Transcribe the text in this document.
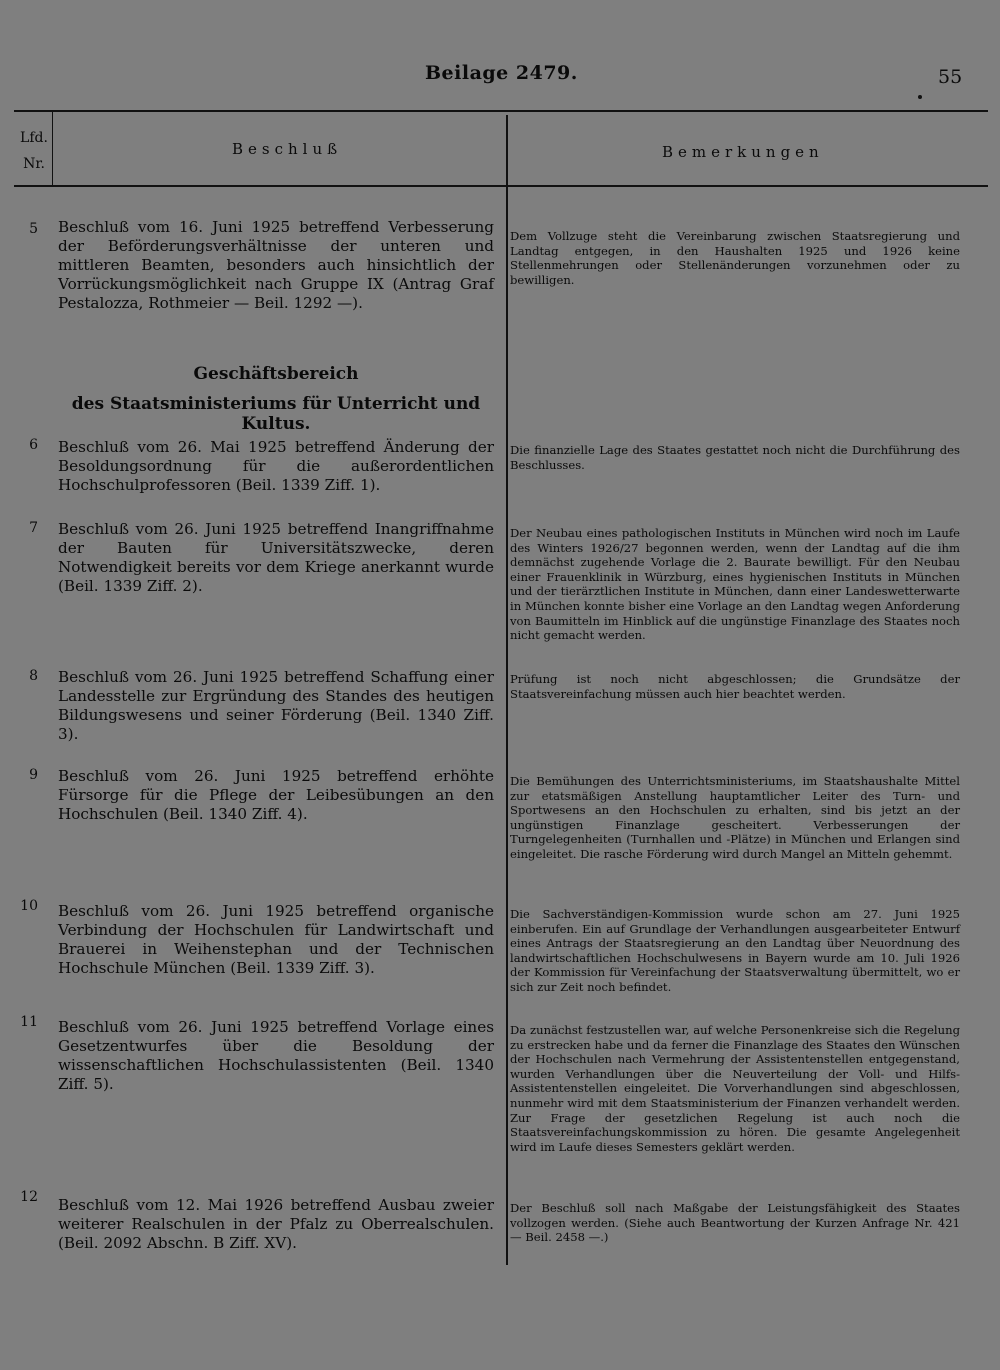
Beilage 2479.	55
Lfd.
Nr.
Beschluß	Bemerkungen
5 Beschluß vom 16. Juni 1925 betreffend Verbesserung der Beförderungsverhältnisse der unteren und mittleren Beamten, besonders auch hinsichtlich der Vorrückungsmöglichkeit nach Gruppe IX (Antrag Graf Pestalozza, Rothmeier — Beil. 1292 —).
Dem Vollzuge steht die Vereinbarung zwischen Staatsregierung und Landtag entgegen, in den Haushalten 1925 und 1926 keine Stellenmehrungen oder Stellenänderungen vorzunehmen oder zu bewilligen.
Geschäftsbereich
des Staatsministeriums für Unterricht und Kultus.
6 Beschluß vom 26. Mai 1925 betreffend Änderung der Besoldungsordnung für die außerordentlichen Hochschulprofessoren (Beil. 1339 Ziff. 1).
Die finanzielle Lage des Staates gestattet noch nicht die Durchführung des Beschlusses.
7 Beschluß vom 26. Juni 1925 betreffend Inangriffnahme der Bauten für Universitätszwecke, deren Notwendigkeit bereits vor dem Kriege anerkannt wurde (Beil. 1339 Ziff. 2).
Der Neubau eines pathologischen Instituts in München wird noch im Laufe des Winters 1926/27 begonnen werden, wenn der Landtag auf die ihm demnächst zugehende Vorlage die 2. Baurate bewilligt. Für den Neubau einer Frauenklinik in Würzburg, eines hygienischen Instituts in München und der tierärztlichen Institute in München, dann einer Landeswetterwarte in München konnte bisher eine Vorlage an den Landtag wegen Anforderung von Baumitteln im Hinblick auf die ungünstige Finanzlage des Staates noch nicht gemacht werden.
8 Beschluß vom 26. Juni 1925 betreffend Schaffung einer Landesstelle zur Ergründung des Standes des heutigen Bildungswesens und seiner Förderung (Beil. 1340 Ziff. 3).
Prüfung ist noch nicht abgeschlossen; die Grundsätze der Staatsvereinfachung müssen auch hier beachtet werden.
9 Beschluß vom 26. Juni 1925 betreffend erhöhte Fürsorge für die Pflege der Leibesübungen an den Hochschulen (Beil. 1340 Ziff. 4).
Die Bemühungen des Unterrichtsministeriums, im Staatshaushalte Mittel zur etatsmäßigen Anstellung hauptamtlicher Leiter des Turn- und Sportwesens an den Hochschulen zu erhalten, sind bis jetzt an der ungünstigen Finanzlage gescheitert. Verbesserungen der Turngelegenheiten (Turnhallen und -Plätze) in München und Erlangen sind eingeleitet. Die rasche Förderung wird durch Mangel an Mitteln gehemmt.
10 Beschluß vom 26. Juni 1925 betreffend organische Verbindung der Hochschulen für Landwirtschaft und Brauerei in Weihenstephan und der Technischen Hochschule München (Beil. 1339 Ziff. 3).
Die Sachverständigen-Kommission wurde schon am 27. Juni 1925 einberufen. Ein auf Grundlage der Verhandlungen ausgearbeiteter Entwurf eines Antrags der Staatsregierung an den Landtag über Neuordnung des landwirtschaftlichen Hochschulwesens in Bayern wurde am 10. Juli 1926 der Kommission für Vereinfachung der Staatsverwaltung übermittelt, wo er sich zur Zeit noch befindet.
11 Beschluß vom 26. Juni 1925 betreffend Vorlage eines Gesetzentwurfes über die Besoldung der wissenschaftlichen Hochschulassistenten (Beil. 1340 Ziff. 5).
Da zunächst festzustellen war, auf welche Personenkreise sich die Regelung zu erstrecken habe und da ferner die Finanzlage des Staates den Wünschen der Hochschulen nach Vermehrung der Assistentenstellen entgegenstand, wurden Verhandlungen über die Neuverteilung der Voll- und Hilfs-Assistentenstellen eingeleitet. Die Vorverhandlungen sind abgeschlossen, nunmehr wird mit dem Staatsministerium der Finanzen verhandelt werden. Zur Frage der gesetzlichen Regelung ist auch noch die Staatsvereinfachungskommission zu hören. Die gesamte Angelegenheit wird im Laufe dieses Semesters geklärt werden.
12 Beschluß vom 12. Mai 1926 betreffend Ausbau zweier weiterer Realschulen in der Pfalz zu Oberrealschulen. (Beil. 2092 Abschn. B Ziff. XV).
Der Beschluß soll nach Maßgabe der Leistungsfähigkeit des Staates vollzogen werden. (Siehe auch Beantwortung der Kurzen Anfrage Nr. 421 — Beil. 2458 —.)
